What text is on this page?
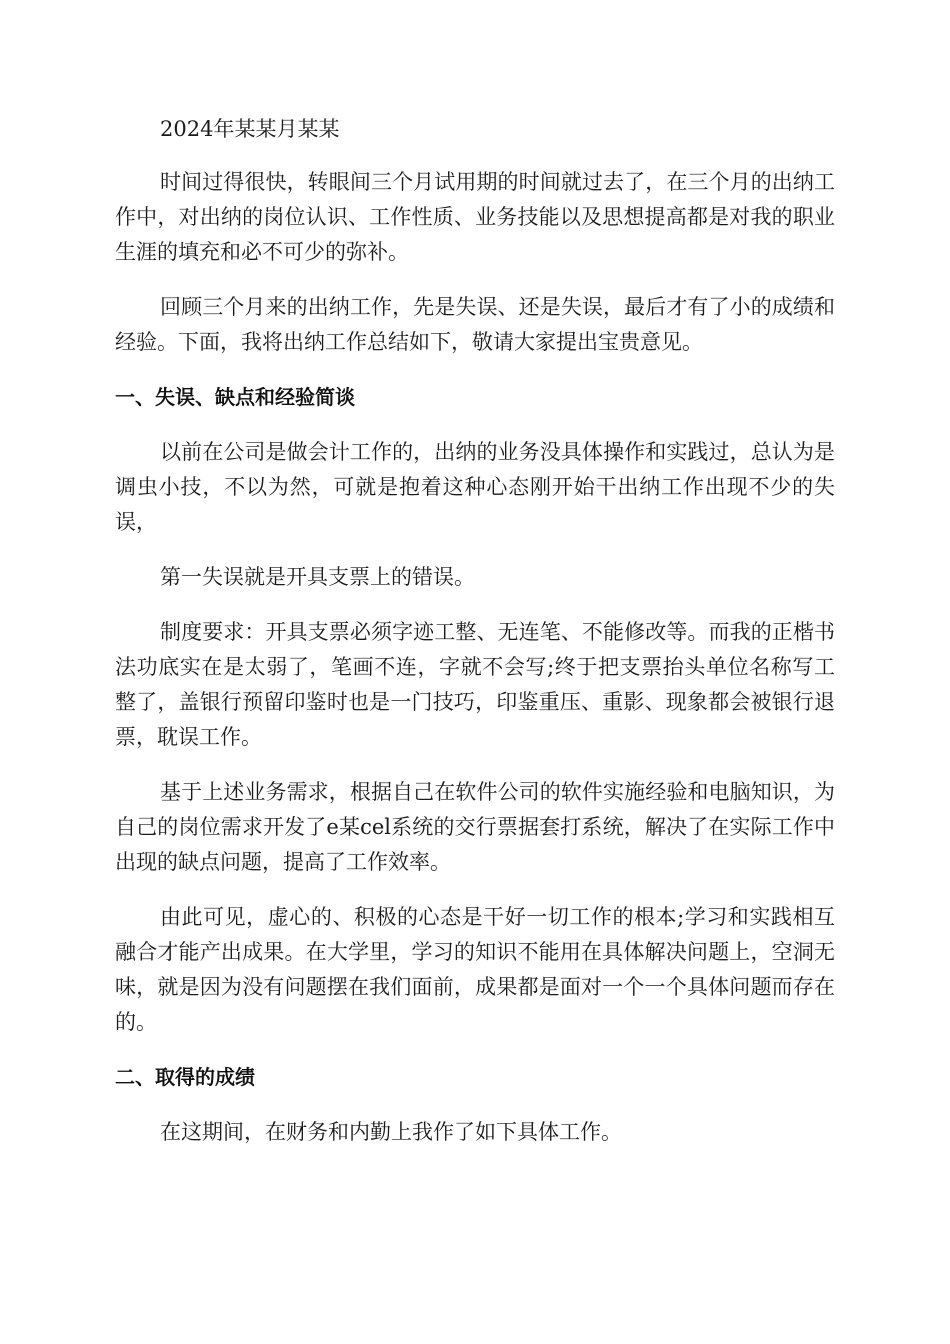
2024年某某月某某

时间过得很快，转眼间三个月试用期的时间就过去了，在三个月的出纳工作中，对出纳的岗位认识、工作性质、业务技能以及思想提高都是对我的职业生涯的填充和必不可少的弥补。

回顾三个月来的出纳工作，先是失误、还是失误，最后才有了小的成绩和经验。下面，我将出纳工作总结如下，敬请大家提出宝贵意见。

一、失误、缺点和经验简谈

以前在公司是做会计工作的，出纳的业务没具体操作和实践过，总认为是调虫小技，不以为然，可就是抱着这种心态刚开始干出纳工作出现不少的失误，

第一失误就是开具支票上的错误。

制度要求：开具支票必须字迹工整、无连笔、不能修改等。而我的正楷书法功底实在是太弱了，笔画不连，字就不会写;终于把支票抬头单位名称写工整了，盖银行预留印鉴时也是一门技巧，印鉴重压、重影、现象都会被银行退票，耽误工作。

基于上述业务需求，根据自己在软件公司的软件实施经验和电脑知识，为自己的岗位需求开发了e某cel系统的交行票据套打系统，解决了在实际工作中出现的缺点问题，提高了工作效率。

由此可见，虚心的、积极的心态是干好一切工作的根本;学习和实践相互融合才能产出成果。在大学里，学习的知识不能用在具体解决问题上，空洞无味，就是因为没有问题摆在我们面前，成果都是面对一个一个具体问题而存在的。

二、取得的成绩

在这期间，在财务和内勤上我作了如下具体工作。
